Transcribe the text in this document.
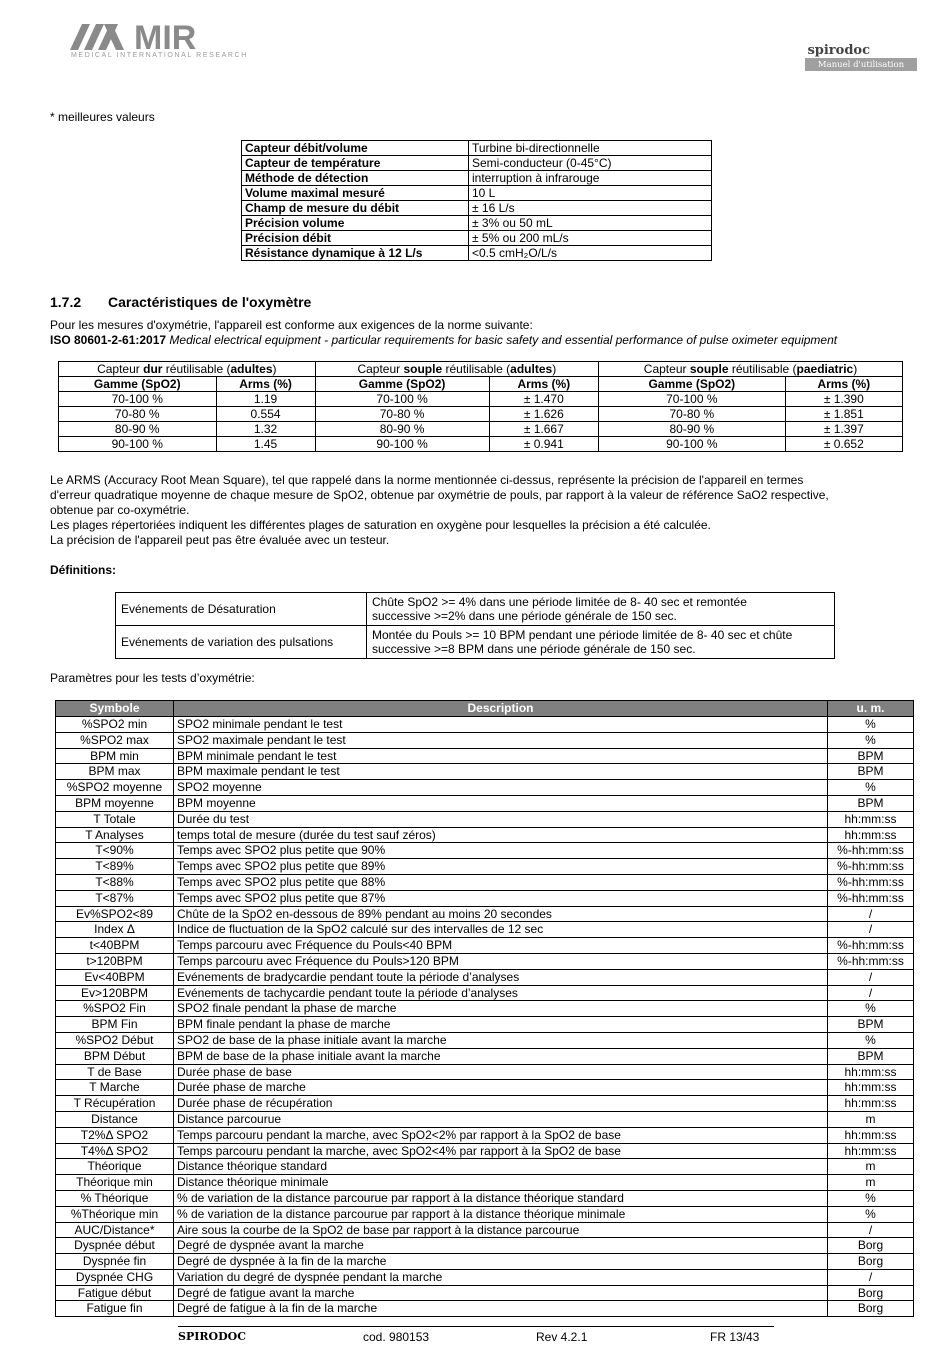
MIR
MEDICAL INTERNATIONAL RESEARCH	spirodoc
Manuel d'utilisation
* meilleures valeurs
Capteur débit/volume	Turbine bi-directionnelle
Capteur de température	Semi-conducteur (0-45°C)
Méthode de détection	interruption à infrarouge
Volume maximal mesuré	10 L
Champ de mesure du débit	± 16 L/s
Précision volume	± 3% ou 50 mL
Précision débit	± 5% ou 200 mL/s
Résistance dynamique à 12 L/s	<0.5 cmH₂O/L/s
1.7.2 Caractéristiques de l'oxymètre
Pour les mesures d'oxymétrie, l'appareil est conforme aux exigences de la norme suivante:
ISO 80601-2-61:2017 Medical electrical equipment - particular requirements for basic safety and essential performance of pulse oximeter equipment
Capteur dur réutilisable (adultes)		Capteur souple réutilisable (adultes)		Capteur souple réutilisable (paediatric)	
Gamme (SpO2)	Arms (%)	Gamme (SpO2)	Arms (%)	Gamme (SpO2)	Arms (%)
70-100 %	1.19	70-100 %	± 1.470	70-100 %	± 1.390
70-80 %	0.554	70-80 %	± 1.626	70-80 %	± 1.851
80-90 %	1.32	80-90 %	± 1.667	80-90 %	± 1.397
90-100 %	1.45	90-100 %	± 0.941	90-100 %	± 0.652
Le ARMS (Accuracy Root Mean Square), tel que rappelé dans la norme mentionnée ci-dessus, représente la précision de l'appareil en termes
d'erreur quadratique moyenne de chaque mesure de SpO2, obtenue par oxymétrie de pouls, par rapport à la valeur de référence SaO2 respective,
obtenue par co-oxymétrie.
Les plages répertoriées indiquent les différentes plages de saturation en oxygène pour lesquelles la précision a été calculée.
La précision de l'appareil peut pas être évaluée avec un testeur.
Définitions:
Evénements de Désaturation	Chûte SpO2 >= 4% dans une période limitée de 8- 40 sec et remontée
successive >=2% dans une période générale de 150 sec.

Evénements de variation des pulsations	Montée du Pouls >= 10 BPM pendant une période limitée de 8- 40 sec et chûte
successive >=8 BPM dans une période générale de 150 sec.
Paramètres pour les tests d’oxymétrie:
Symbole	Description	u. m.
%SPO2 min	SPO2 minimale pendant le test	%
%SPO2 max	SPO2 maximale pendant le test	%
BPM min	BPM minimale pendant le test	BPM
BPM max	BPM maximale pendant le test	BPM
%SPO2 moyenne	SPO2 moyenne	%
BPM moyenne	BPM moyenne	BPM
T Totale	Durée du test	hh:mm:ss
T Analyses	temps total de mesure (durée du test sauf zéros)	hh:mm:ss
T<90%	Temps avec SPO2 plus petite que 90%	%-hh:mm:ss
T<89%	Temps avec SPO2 plus petite que 89%	%-hh:mm:ss
T<88%	Temps avec SPO2 plus petite que 88%	%-hh:mm:ss
T<87%	Temps avec SPO2 plus petite que 87%	%-hh:mm:ss
Ev%SPO2<89	Chûte de la SpO2 en-dessous de 89% pendant au moins 20 secondes	/
Index Δ	Indice de fluctuation de la SpO2 calculé sur des intervalles de 12 sec	/
t<40BPM	Temps parcouru avec Fréquence du Pouls<40 BPM	%-hh:mm:ss
t>120BPM	Temps parcouru avec Fréquence du Pouls>120 BPM	%-hh:mm:ss
Ev<40BPM	Evénements de bradycardie pendant toute la période d’analyses	/
Ev>120BPM	Evénements de tachycardie pendant toute la période d’analyses	/
%SPO2 Fin	SPO2 finale pendant la phase de marche	%
BPM Fin	BPM finale pendant la phase de marche	BPM
%SPO2 Début	SPO2 de base de la phase initiale avant la marche	%
BPM Début	BPM de base de la phase initiale avant la marche	BPM
T de Base	Durée phase de base	hh:mm:ss
T Marche	Durée phase de marche	hh:mm:ss
T Récupération	Durée phase de récupération	hh:mm:ss
Distance	Distance parcourue	m
T2%Δ SPO2	Temps parcouru pendant la marche, avec SpO2<2% par rapport à la SpO2 de base	hh:mm:ss
T4%Δ SPO2	Temps parcouru pendant la marche, avec SpO2<4% par rapport à la SpO2 de base	hh:mm:ss
Théorique	Distance théorique standard	m
Théorique min	Distance théorique minimale	m
% Théorique	% de variation de la distance parcourue par rapport à la distance théorique standard	%
%Théorique min	% de variation de la distance parcourue par rapport à la distance théorique minimale	%
AUC/Distance*	Aire sous la courbe de la SpO2 de base par rapport à la distance parcourue	/
Dyspnée début	Degré de dyspnée avant la marche	Borg
Dyspnée fin	Degré de dyspnée à la fin de la marche	Borg
Dyspnée CHG	Variation du degré de dyspnée pendant la marche	/
Fatigue début	Degré de fatigue avant la marche	Borg
Fatigue fin	Degré de fatigue à la fin de la marche	Borg
SPIRODOC	cod. 980153	Rev 4.2.1	FR 13/43
